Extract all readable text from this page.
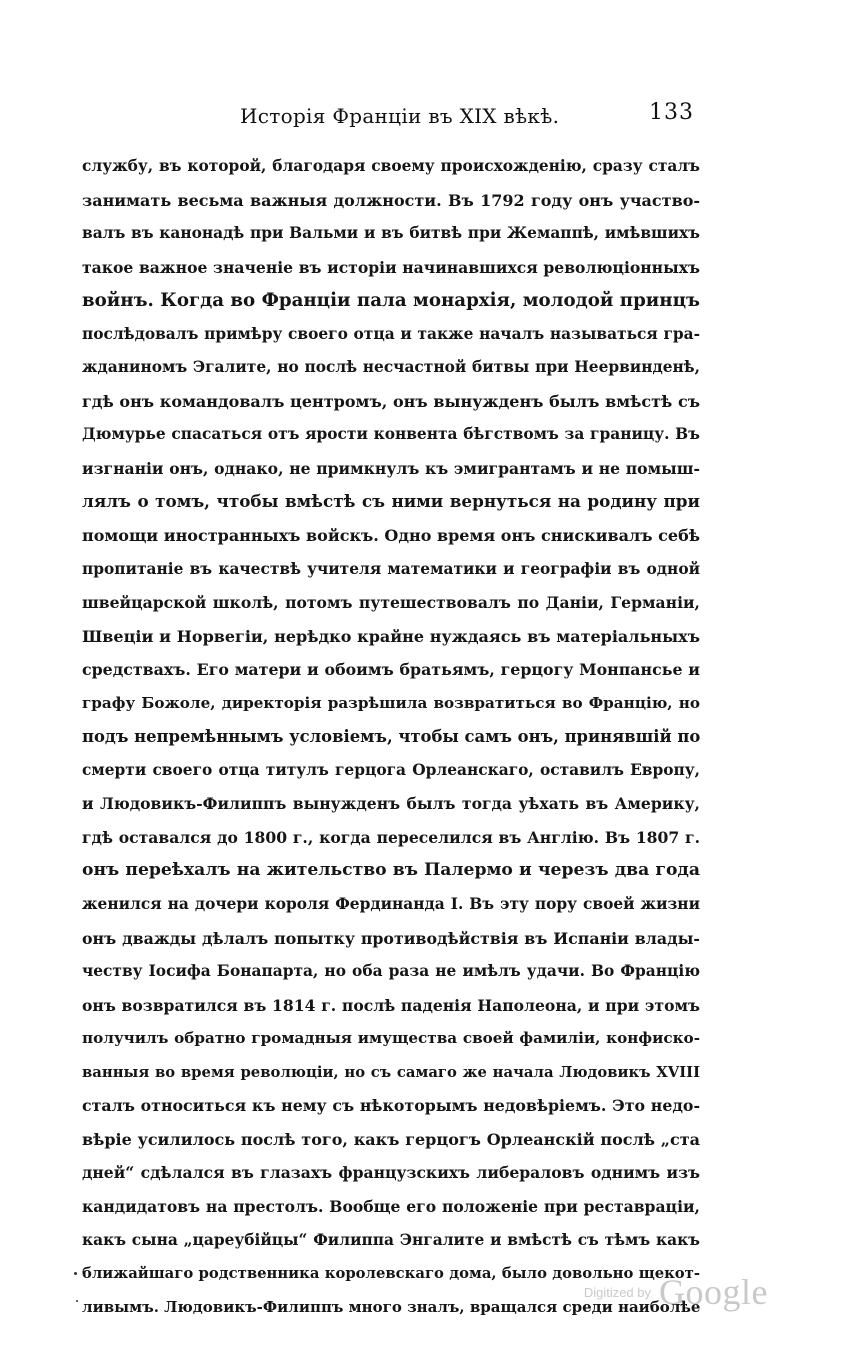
Исторія Франціи въ XIX вѣкѣ.	133
службу, въ которой, благодаря своему происхожденію, сразу сталъ
занимать весьма важныя должности. Въ 1792 году онъ участво-
валъ въ канонадѣ при Вальми и въ битвѣ при Жемаппѣ, имѣвшихъ
такое важное значеніе въ исторіи начинавшихся революціонныхъ
войнъ. Когда во Франціи пала монархія, молодой принцъ
послѣдовалъ примѣру своего отца и также началъ называться гра-
жданиномъ Эгалите, но послѣ несчастной битвы при Неервинденѣ,
гдѣ онъ командовалъ центромъ, онъ вынужденъ былъ вмѣстѣ съ
Дюмурье спасаться отъ ярости конвента бѣгствомъ за границу. Въ
изгнаніи онъ, однако, не примкнулъ къ эмигрантамъ и не помыш-
лялъ о томъ, чтобы вмѣстѣ съ ними вернуться на родину при
помощи иностранныхъ войскъ. Одно время онъ снискивалъ себѣ
пропитаніе въ качествѣ учителя математики и географіи въ одной
швейцарской школѣ, потомъ путешествовалъ по Даніи, Германіи,
Швеціи и Норвегіи, нерѣдко крайне нуждаясь въ матеріальныхъ
средствахъ. Его матери и обоимъ братьямъ, герцогу Монпансье и
графу Божоле, директорія разрѣшила возвратиться во Францію, но
подъ непремѣннымъ условіемъ, чтобы самъ онъ, принявшій по
смерти своего отца титулъ герцога Орлеанскаго, оставилъ Европу,
и Людовикъ-Филиппъ вынужденъ былъ тогда уѣхать въ Америку,
гдѣ оставался до 1800 г., когда переселился въ Англію. Въ 1807 г.
онъ переѣхалъ на жительство въ Палермо и черезъ два года
женился на дочери короля Фердинанда I. Въ эту пору своей жизни
онъ дважды дѣлалъ попытку противодѣйствія въ Испаніи влады-
честву Іосифа Бонапарта, но оба раза не имѣлъ удачи. Во Францію
онъ возвратился въ 1814 г. послѣ паденія Наполеона, и при этомъ
получилъ обратно громадныя имущества своей фамиліи, конфиско-
ванныя во время революціи, но съ самаго же начала Людовикъ XVIII
сталъ относиться къ нему съ нѣкоторымъ недовѣріемъ. Это недо-
вѣріе усилилось послѣ того, какъ герцогъ Орлеанскій послѣ „ста
дней“ сдѣлался въ глазахъ французскихъ либераловъ однимъ изъ
кандидатовъ на престолъ. Вообще его положеніе при реставраціи,
какъ сына „цареубійцы“ Филиппа Энгалите и вмѣстѣ съ тѣмъ какъ
ближайшаго родственника королевскаго дома, было довольно щекот-
ливымъ. Людовикъ-Филиппъ много зналъ, вращался среди наиболѣе
Digitized by Google
